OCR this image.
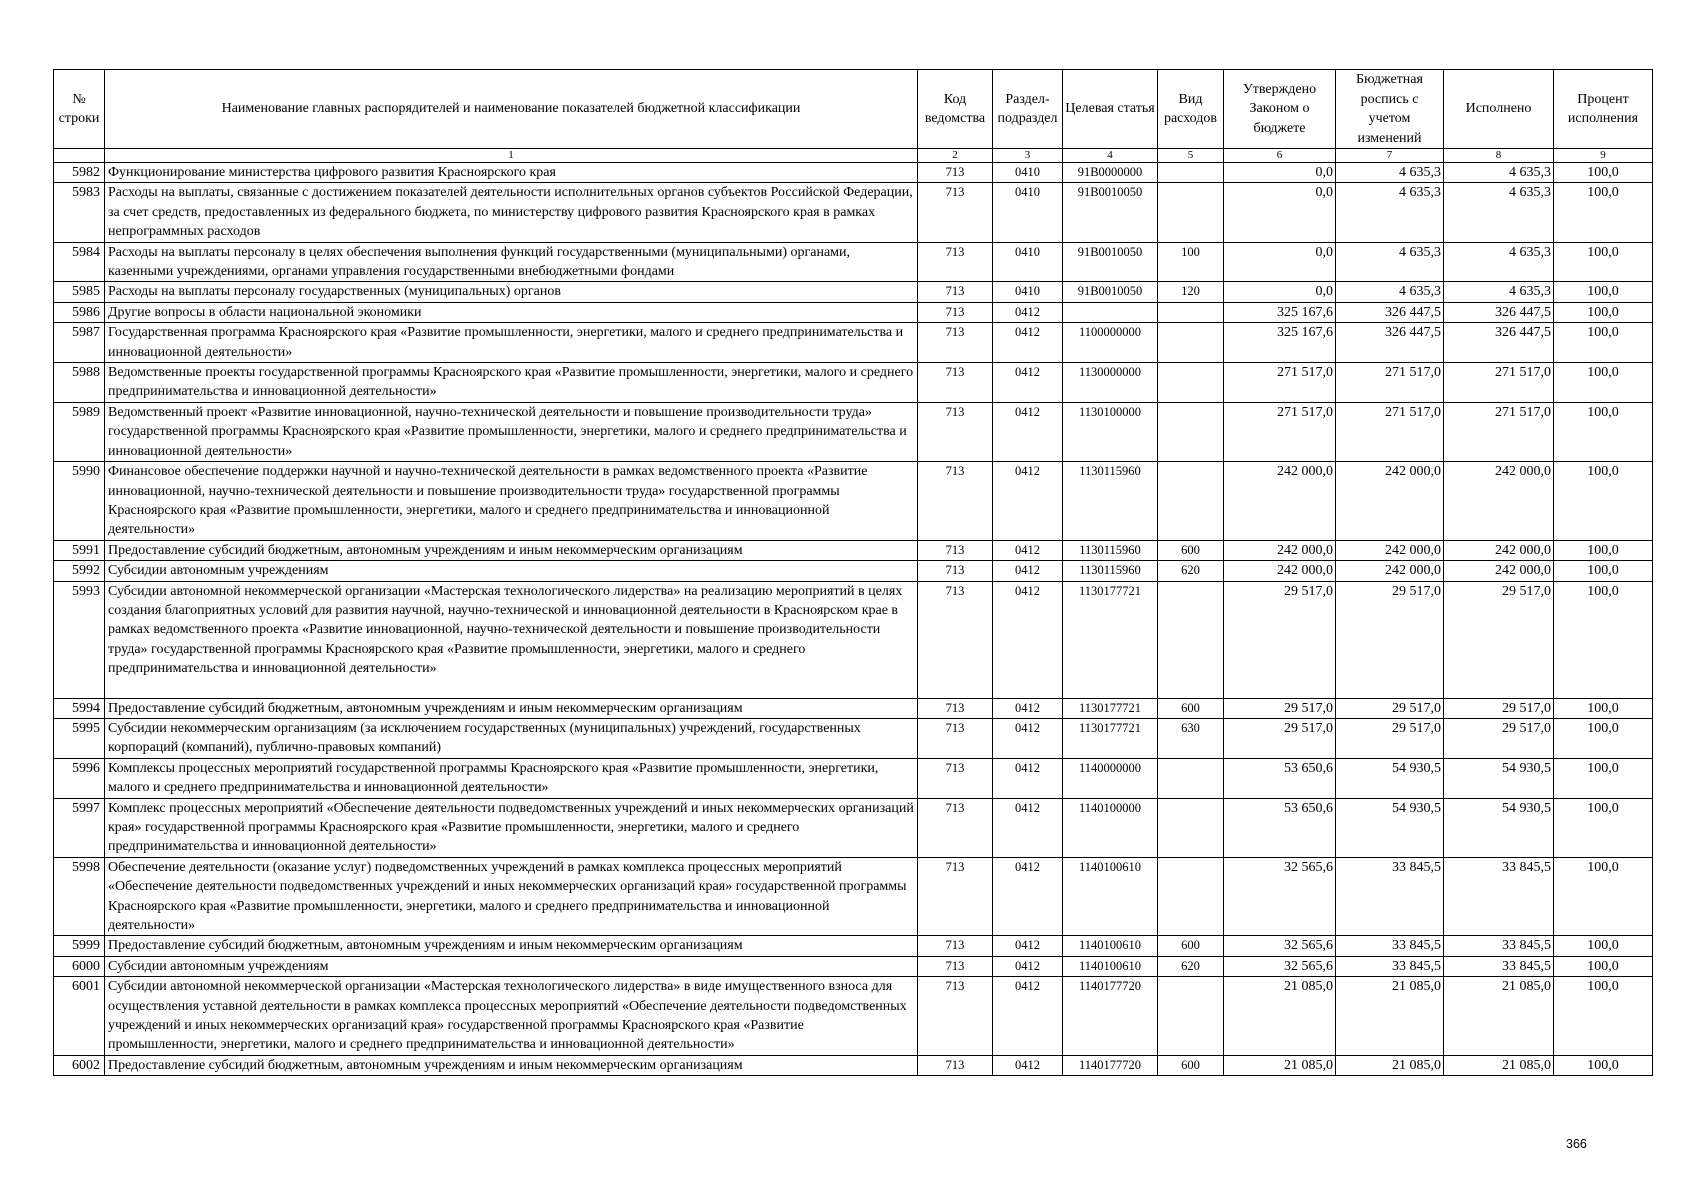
№ строки	Наименование главных распорядителей и наименование показателей бюджетной классификации	Код ведомства	Раздел-подраздел	Целевая статья	Вид расходов	Утверждено Законом о бюджете	Бюджетная роспись с учетом изменений	Исполнено	Процент исполнения
	1	2	3	4	5	6	7	8	9
5982	Функционирование министерства цифрового развития Красноярского края	713	0410	91В0000000		0,0	4 635,3	4 635,3	100,0
5983	Расходы на выплаты, связанные с достижением показателей деятельности исполнительных органов субъектов Российской Федерации, за счет средств, предоставленных из федерального бюджета, по министерству цифрового развития Красноярского края в рамках непрограммных расходов	713	0410	91В0010050		0,0	4 635,3	4 635,3	100,0
5984	Расходы на выплаты персоналу в целях обеспечения выполнения функций государственными (муниципальными) органами, казенными учреждениями, органами управления государственными внебюджетными фондами	713	0410	91В0010050	100	0,0	4 635,3	4 635,3	100,0
5985	Расходы на выплаты персоналу государственных (муниципальных) органов	713	0410	91В0010050	120	0,0	4 635,3	4 635,3	100,0
5986	Другие вопросы в области национальной экономики	713	0412			325 167,6	326 447,5	326 447,5	100,0
5987	Государственная программа Красноярского края «Развитие промышленности, энергетики, малого и среднего предпринимательства и инновационной деятельности»	713	0412	1100000000		325 167,6	326 447,5	326 447,5	100,0
5988	Ведомственные проекты государственной программы Красноярского края «Развитие промышленности, энергетики, малого и среднего предпринимательства и инновационной деятельности»	713	0412	1130000000		271 517,0	271 517,0	271 517,0	100,0
5989	Ведомственный проект «Развитие инновационной, научно-технической деятельности и повышение производительности труда» государственной программы Красноярского края «Развитие промышленности, энергетики, малого и среднего предпринимательства и инновационной деятельности»	713	0412	1130100000		271 517,0	271 517,0	271 517,0	100,0
5990	Финансовое обеспечение поддержки научной и научно-технической деятельности в рамках ведомственного проекта «Развитие инновационной, научно-технической деятельности и повышение производительности труда» государственной программы Красноярского края «Развитие промышленности, энергетики, малого и среднего предпринимательства и инновационной деятельности»	713	0412	1130115960		242 000,0	242 000,0	242 000,0	100,0
5991	Предоставление субсидий бюджетным, автономным учреждениям и иным некоммерческим организациям	713	0412	1130115960	600	242 000,0	242 000,0	242 000,0	100,0
5992	Субсидии автономным учреждениям	713	0412	1130115960	620	242 000,0	242 000,0	242 000,0	100,0
5993	Субсидии автономной некоммерческой организации «Мастерская технологического лидерства» на реализацию мероприятий в целях создания благоприятных условий для развития научной, научно-технической и инновационной деятельности в Красноярском крае в рамках ведомственного проекта «Развитие инновационной, научно-технической деятельности и повышение производительности труда» государственной программы Красноярского края «Развитие промышленности, энергетики, малого и среднего предпринимательства и инновационной деятельности»	713	0412	1130177721		29 517,0	29 517,0	29 517,0	100,0
5994	Предоставление субсидий бюджетным, автономным учреждениям и иным некоммерческим организациям	713	0412	1130177721	600	29 517,0	29 517,0	29 517,0	100,0
5995	Субсидии некоммерческим организациям (за исключением государственных (муниципальных) учреждений, государственных корпораций (компаний), публично-правовых компаний)	713	0412	1130177721	630	29 517,0	29 517,0	29 517,0	100,0
5996	Комплексы процессных мероприятий государственной программы Красноярского края «Развитие промышленности, энергетики, малого и среднего предпринимательства и инновационной деятельности»	713	0412	1140000000		53 650,6	54 930,5	54 930,5	100,0
5997	Комплекс процессных мероприятий «Обеспечение деятельности подведомственных учреждений и иных некоммерческих организаций края» государственной программы Красноярского края «Развитие промышленности, энергетики, малого и среднего предпринимательства и инновационной деятельности»	713	0412	1140100000		53 650,6	54 930,5	54 930,5	100,0
5998	Обеспечение деятельности (оказание услуг) подведомственных учреждений в рамках комплекса процессных мероприятий «Обеспечение деятельности подведомственных учреждений и иных некоммерческих организаций края» государственной программы Красноярского края «Развитие промышленности, энергетики, малого и среднего предпринимательства и инновационной деятельности»	713	0412	1140100610		32 565,6	33 845,5	33 845,5	100,0
5999	Предоставление субсидий бюджетным, автономным учреждениям и иным некоммерческим организациям	713	0412	1140100610	600	32 565,6	33 845,5	33 845,5	100,0
6000	Субсидии автономным учреждениям	713	0412	1140100610	620	32 565,6	33 845,5	33 845,5	100,0
6001	Субсидии автономной некоммерческой организации «Мастерская технологического лидерства» в виде имущественного взноса для осуществления уставной деятельности в рамках комплекса процессных мероприятий «Обеспечение деятельности подведомственных учреждений и иных некоммерческих организаций края» государственной программы Красноярского края «Развитие промышленности, энергетики, малого и среднего предпринимательства и инновационной деятельности»	713	0412	1140177720		21 085,0	21 085,0	21 085,0	100,0
6002	Предоставление субсидий бюджетным, автономным учреждениям и иным некоммерческим организациям	713	0412	1140177720	600	21 085,0	21 085,0	21 085,0	100,0
366
